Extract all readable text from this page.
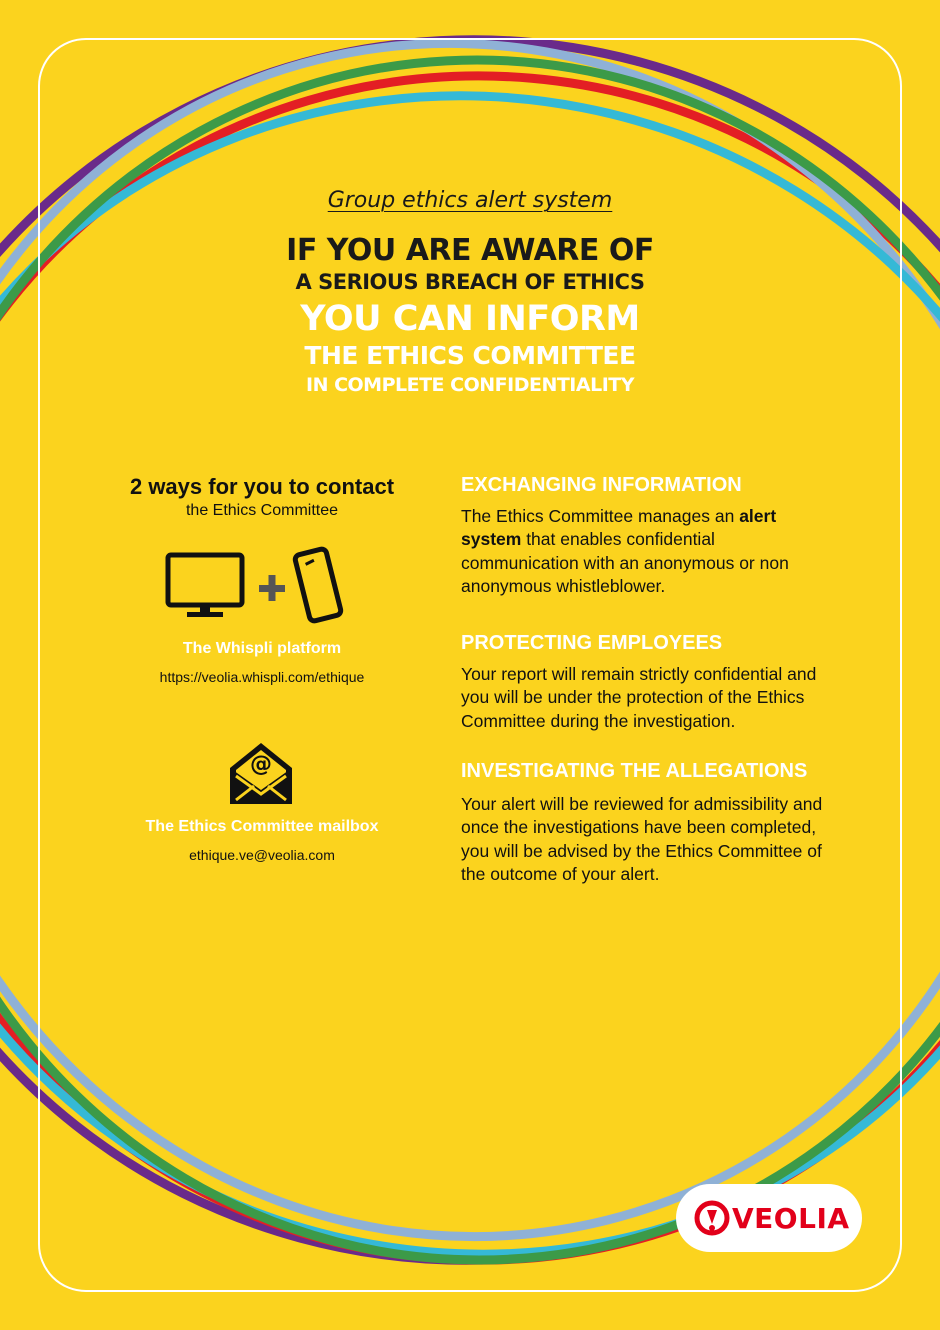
Group ethics alert system
IF YOU ARE AWARE OF
A SERIOUS BREACH OF ETHICS
YOU CAN INFORM
THE ETHICS COMMITTEE
IN COMPLETE CONFIDENTIALITY
2 ways for you to contact
the Ethics Committee
The Whispli platform
https://veolia.whispli.com/ethique
@
The Ethics Committee mailbox
ethique.ve@veolia.com
EXCHANGING INFORMATION
The Ethics Committee manages an alert system that enables confidential communication with an anonymous or non anonymous whistleblower.
PROTECTING EMPLOYEES
Your report will remain strictly confidential and you will be under the protection of the Ethics Committee during the investigation.
INVESTIGATING THE ALLEGATIONS
Your alert will be reviewed for admissibility and once the investigations have been completed, you will be advised by the Ethics Committee of the outcome of your alert.
VEOLIA
